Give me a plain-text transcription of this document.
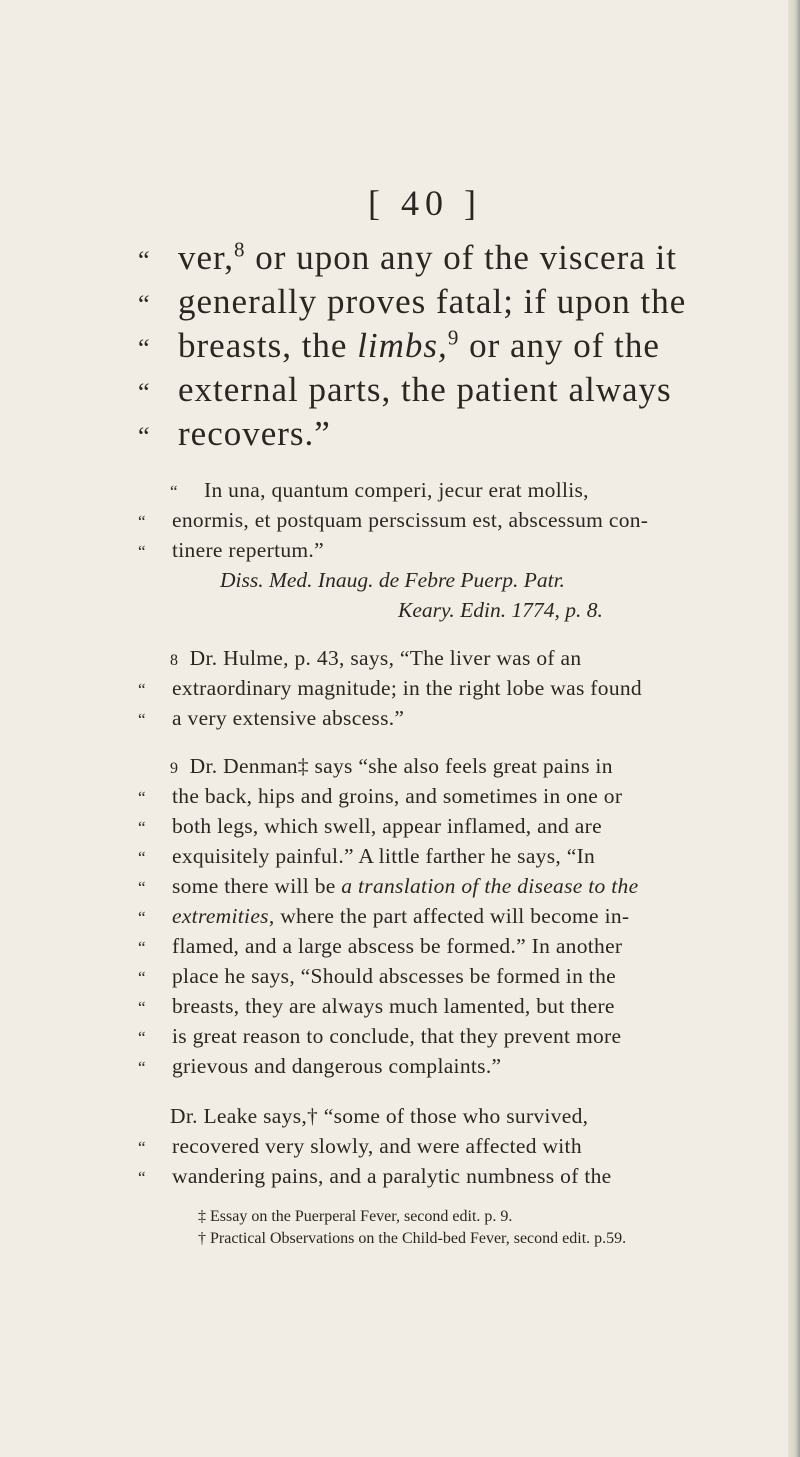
[ 40 ]
“ ver,$^8$ or upon any of the viscera it
“ generally proves fatal; if upon the
“ breasts, the limbs,$^9$ or any of the
“ external parts, the patient always
“ recovers.”
“ In una, quantum comperi, jecur erat mollis,
“ enormis, et postquam perscissum est, abscessum con-
“ tinere repertum.”
Diss. Med. Inaug. de Febre Puerp. Patr.
Keary. Edin. 1774, p. 8.
8 Dr. Hulme, p. 43, says, “The liver was of an
“ extraordinary magnitude; in the right lobe was found
“ a very extensive abscess.”
9 Dr. Denman‡ says “she also feels great pains in
“ the back, hips and groins, and sometimes in one or
“ both legs, which swell, appear inflamed, and are
“ exquisitely painful.” A little farther he says, “In
“ some there will be a translation of the disease to the
“ extremities, where the part affected will become in-
“ flamed, and a large abscess be formed.” In another
“ place he says, “Should abscesses be formed in the
“ breasts, they are always much lamented, but there
“ is great reason to conclude, that they prevent more
“ grievous and dangerous complaints.”
Dr. Leake says,† “some of those who survived,
“ recovered very slowly, and were affected with
“ wandering pains, and a paralytic numbness of the
‡ Essay on the Puerperal Fever, second edit. p. 9.
† Practical Observations on the Child-bed Fever, second edit. p.59.
